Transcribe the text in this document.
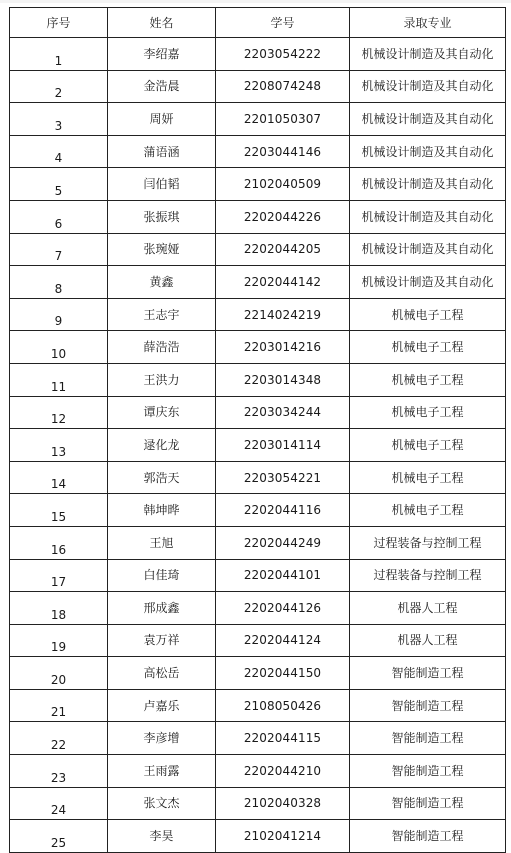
序号	姓名	学号	录取专业
1	李绍嘉	2203054222	机械设计制造及其自动化
2	金浩晨	2208074248	机械设计制造及其自动化
3	周妍	2201050307	机械设计制造及其自动化
4	蒲语涵	2203044146	机械设计制造及其自动化
5	闫伯韬	2102040509	机械设计制造及其自动化
6	张振琪	2202044226	机械设计制造及其自动化
7	张琬娅	2202044205	机械设计制造及其自动化
8	黄鑫	2202044142	机械设计制造及其自动化
9	王志宇	2214024219	机械电子工程
10	薛浩浩	2203014216	机械电子工程
11	王洪力	2203014348	机械电子工程
12	谭庆东	2203034244	机械电子工程
13	逯化龙	2203014114	机械电子工程
14	郭浩天	2203054221	机械电子工程
15	韩坤晔	2202044116	机械电子工程
16	王旭	2202044249	过程装备与控制工程
17	白佳琦	2202044101	过程装备与控制工程
18	邢成鑫	2202044126	机器人工程
19	袁万祥	2202044124	机器人工程
20	高松岳	2202044150	智能制造工程
21	卢嘉乐	2108050426	智能制造工程
22	李彦增	2202044115	智能制造工程
23	王雨露	2202044210	智能制造工程
24	张文杰	2102040328	智能制造工程
25	李昊	2102041214	智能制造工程
